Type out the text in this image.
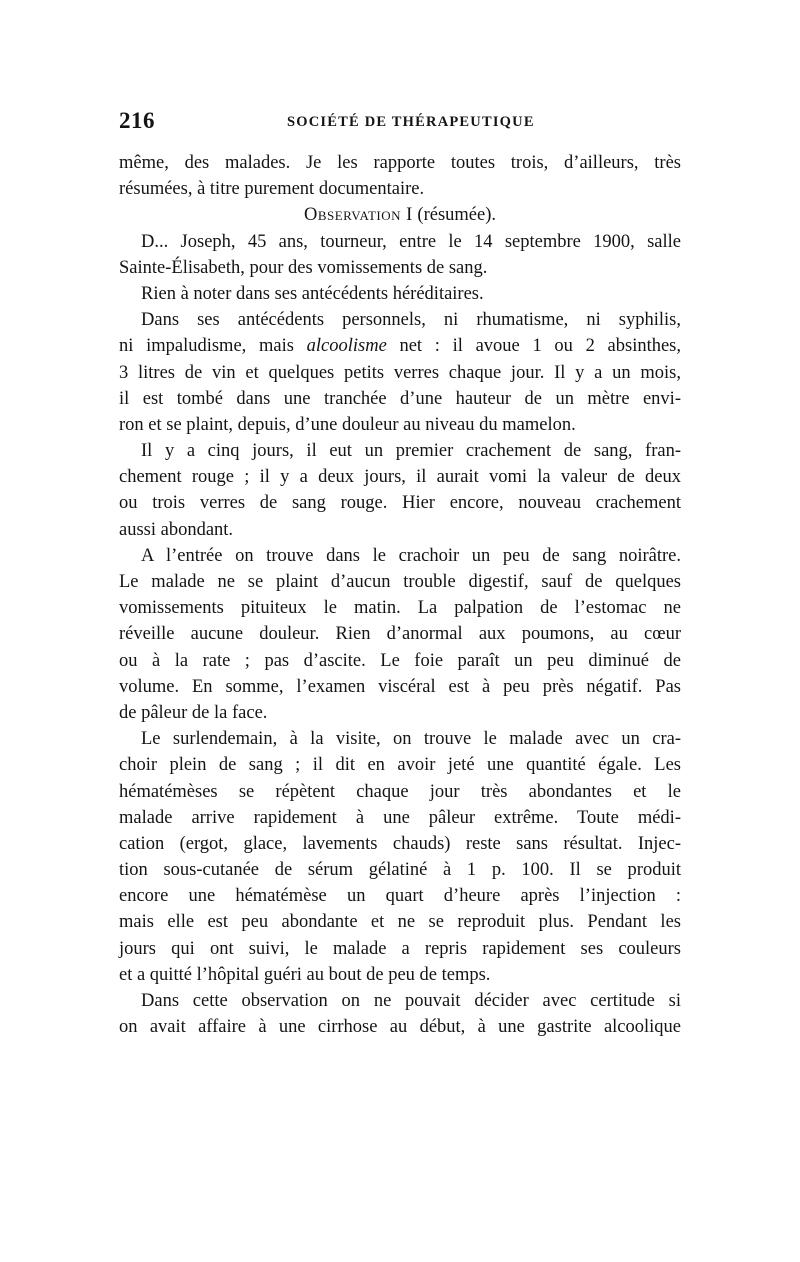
216	SOCIÉTÉ DE THÉRAPEUTIQUE
même, des malades. Je les rapporte toutes trois, d’ailleurs, très
résumées, à titre purement documentaire.
Observation I (résumée).
D... Joseph, 45 ans, tourneur, entre le 14 septembre 1900, salle
Sainte-Élisabeth, pour des vomissements de sang.
Rien à noter dans ses antécédents héréditaires.
Dans ses antécédents personnels, ni rhumatisme, ni syphilis,
ni impaludisme, mais alcoolisme net : il avoue 1 ou 2 absinthes,
3 litres de vin et quelques petits verres chaque jour. Il y a un mois,
il est tombé dans une tranchée d’une hauteur de un mètre envi-
ron et se plaint, depuis, d’une douleur au niveau du mamelon.
Il y a cinq jours, il eut un premier crachement de sang, fran-
chement rouge ; il y a deux jours, il aurait vomi la valeur de deux
ou trois verres de sang rouge. Hier encore, nouveau crachement
aussi abondant.
A l’entrée on trouve dans le crachoir un peu de sang noirâtre.
Le malade ne se plaint d’aucun trouble digestif, sauf de quelques
vomissements pituiteux le matin. La palpation de l’estomac ne
réveille aucune douleur. Rien d’anormal aux poumons, au cœur
ou à la rate ; pas d’ascite. Le foie paraît un peu diminué de
volume. En somme, l’examen viscéral est à peu près négatif. Pas
de pâleur de la face.
Le surlendemain, à la visite, on trouve le malade avec un cra-
choir plein de sang ; il dit en avoir jeté une quantité égale. Les
hématémèses se répètent chaque jour très abondantes et le
malade arrive rapidement à une pâleur extrême. Toute médi-
cation (ergot, glace, lavements chauds) reste sans résultat. Injec-
tion sous-cutanée de sérum gélatiné à 1 p. 100. Il se produit
encore une hématémèse un quart d’heure après l’injection :
mais elle est peu abondante et ne se reproduit plus. Pendant les
jours qui ont suivi, le malade a repris rapidement ses couleurs
et a quitté l’hôpital guéri au bout de peu de temps.
Dans cette observation on ne pouvait décider avec certitude si
on avait affaire à une cirrhose au début, à une gastrite alcoolique
